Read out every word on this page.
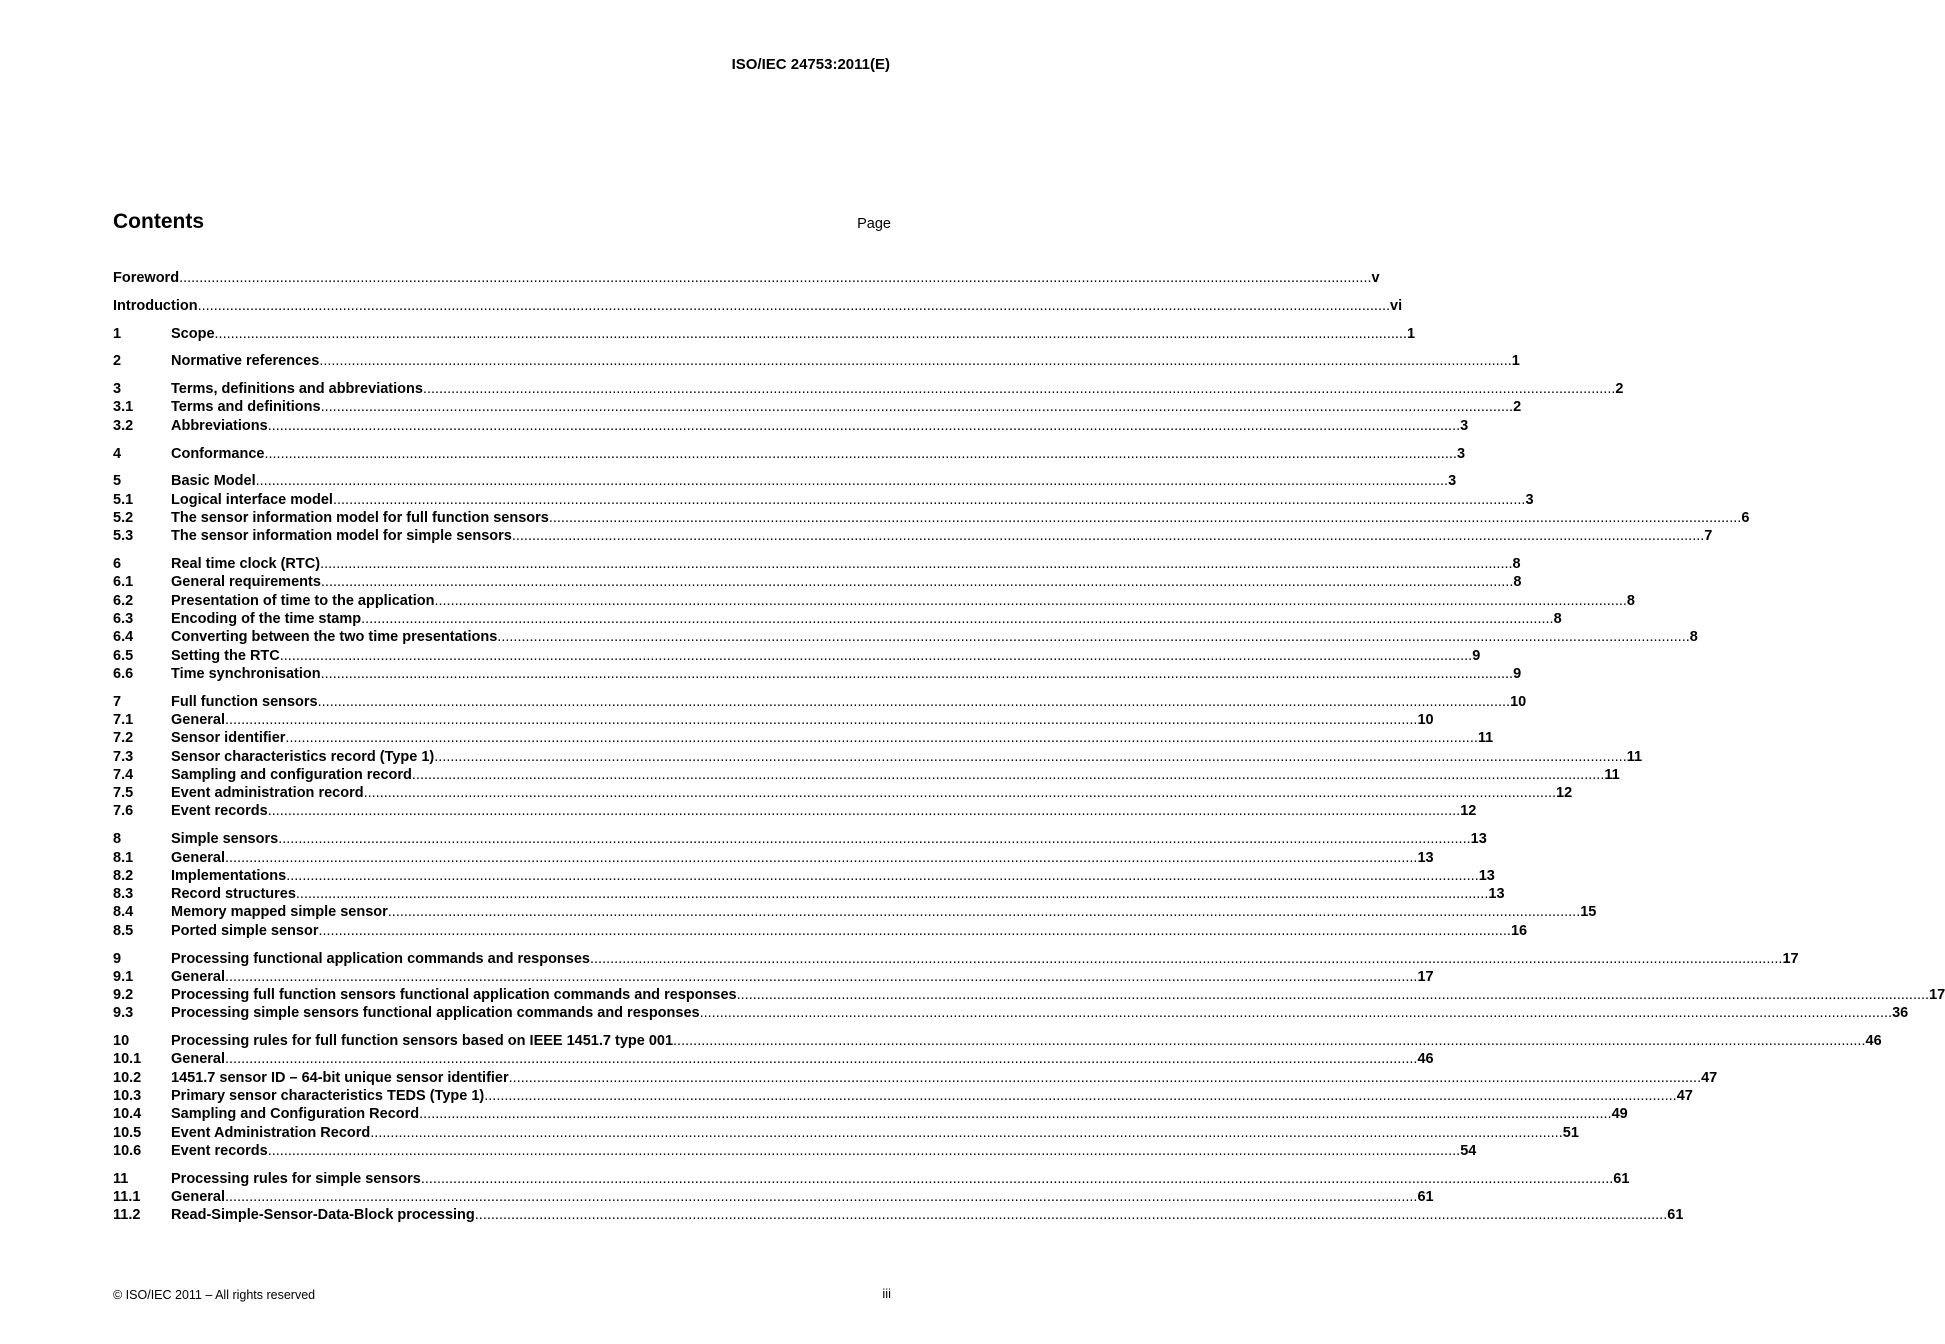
ISO/IEC 24753:2011(E)
Contents	Page
Foreword .....	v
Introduction .....	vi
1	Scope .....	1
2	Normative references .....	1
3	Terms, definitions and abbreviations .....	2
3.1	Terms and definitions .....	2
3.2	Abbreviations .....	3
4	Conformance .....	3
5	Basic Model .....	3
5.1	Logical interface model .....	3
5.2	The sensor information model for full function sensors .....	6
5.3	The sensor information model for simple sensors .....	7
6	Real time clock (RTC) .....	8
6.1	General requirements .....	8
6.2	Presentation of time to the application .....	8
6.3	Encoding of the time stamp .....	8
6.4	Converting between the two time presentations .....	8
6.5	Setting the RTC .....	9
6.6	Time synchronisation .....	9
7	Full function sensors .....	10
7.1	General .....	10
7.2	Sensor identifier .....	11
7.3	Sensor characteristics record (Type 1) .....	11
7.4	Sampling and configuration record .....	11
7.5	Event administration record .....	12
7.6	Event records .....	12
8	Simple sensors .....	13
8.1	General .....	13
8.2	Implementations .....	13
8.3	Record structures .....	13
8.4	Memory mapped simple sensor .....	15
8.5	Ported simple sensor .....	16
9	Processing functional application commands and responses .....	17
9.1	General .....	17
9.2	Processing full function sensors functional application commands and responses .....	17
9.3	Processing simple sensors functional application commands and responses .....	36
10	Processing rules for full function sensors based on IEEE 1451.7 type 001 .....	46
10.1	General .....	46
10.2	1451.7 sensor ID – 64-bit unique sensor identifier .....	47
10.3	Primary sensor characteristics TEDS (Type 1) .....	47
10.4	Sampling and Configuration Record .....	49
10.5	Event Administration Record .....	51
10.6	Event records .....	54
11	Processing rules for simple sensors .....	61
11.1	General .....	61
11.2	Read-Simple-Sensor-Data-Block processing .....	61
© ISO/IEC 2011 – All rights reserved	iii
